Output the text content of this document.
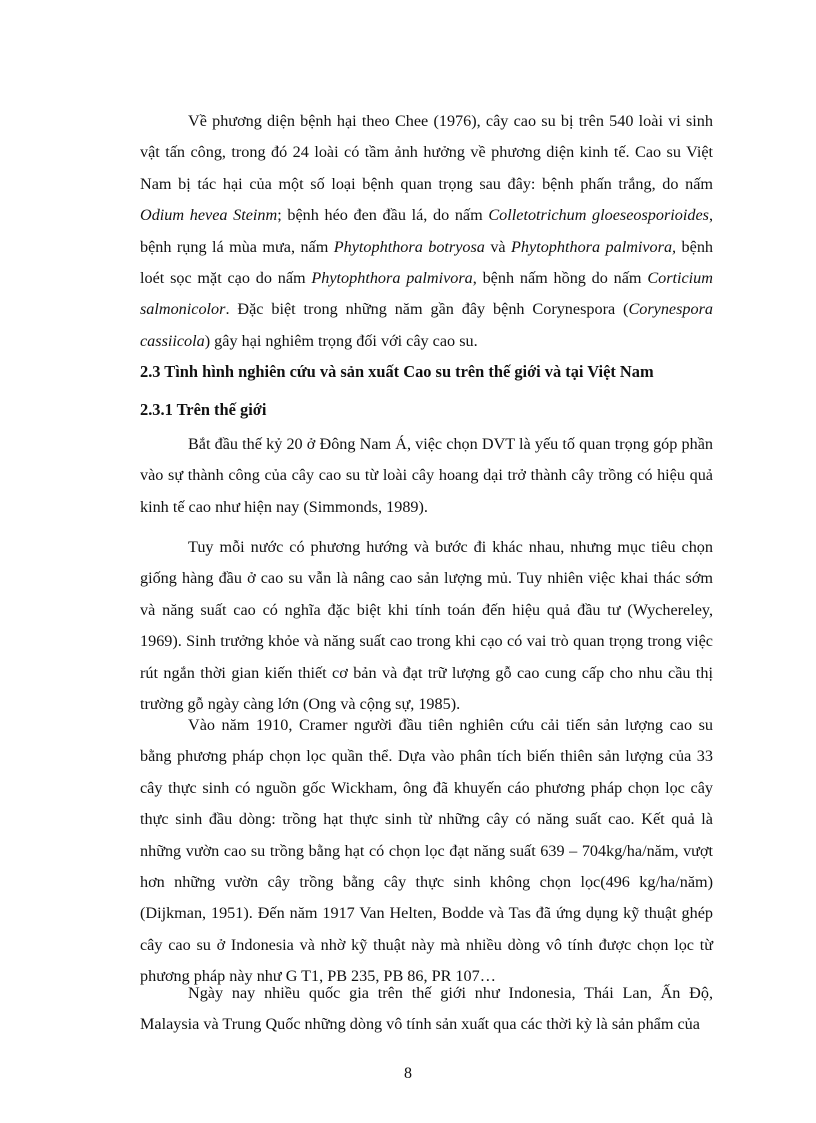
Về phương diện bệnh hại theo Chee (1976), cây cao su bị trên 540 loài vi sinh vật tấn công, trong đó 24 loài có tầm ảnh hưởng về phương diện kinh tế. Cao su Việt Nam bị tác hại của một số loại bệnh quan trọng sau đây: bệnh phấn trắng, do nấm Odium hevea Steinm; bệnh héo đen đầu lá, do nấm Colletotrichum gloeseosporioides, bệnh rụng lá mùa mưa, nấm Phytophthora botryosa và Phytophthora palmivora, bệnh loét sọc mặt cạo do nấm Phytophthora palmivora, bệnh nấm hồng do nấm Corticium salmonicolor. Đặc biệt trong những năm gần đây bệnh Corynespora (Corynespora cassiicola) gây hại nghiêm trọng đối với cây cao su.

2.3 Tình hình nghiên cứu và sản xuất Cao su trên thế giới và tại Việt Nam
2.3.1 Trên thế giới

Bắt đầu thế kỷ 20 ở Đông Nam Á, việc chọn DVT là yếu tố quan trọng góp phần vào sự thành công của cây cao su từ loài cây hoang dại trở thành cây trồng có hiệu quả kinh tế cao như hiện nay (Simmonds, 1989).

Tuy mỗi nước có phương hướng và bước đi khác nhau, nhưng mục tiêu chọn giống hàng đầu ở cao su vẫn là nâng cao sản lượng mủ. Tuy nhiên việc khai thác sớm và năng suất cao có nghĩa đặc biệt khi tính toán đến hiệu quả đầu tư (Wychereley, 1969). Sinh trưởng khỏe và năng suất cao trong khi cạo có vai trò quan trọng trong việc rút ngắn thời gian kiến thiết cơ bản và đạt trữ lượng gỗ cao cung cấp cho nhu cầu thị trường gỗ ngày càng lớn (Ong và cộng sự, 1985).

Vào năm 1910, Cramer người đầu tiên nghiên cứu cải tiến sản lượng cao su bằng phương pháp chọn lọc quần thể. Dựa vào phân tích biến thiên sản lượng của 33 cây thực sinh có nguồn gốc Wickham, ông đã khuyến cáo phương pháp chọn lọc cây thực sinh đầu dòng: trồng hạt thực sinh từ những cây có năng suất cao. Kết quả là những vườn cao su trồng bằng hạt có chọn lọc đạt năng suất 639 – 704kg/ha/năm, vượt hơn những vườn cây trồng bằng cây thực sinh không chọn lọc(496 kg/ha/năm) (Dijkman, 1951). Đến năm 1917 Van Helten, Bodde và Tas đã ứng dụng kỹ thuật ghép cây cao su ở Indonesia và nhờ kỹ thuật này mà nhiều dòng vô tính được chọn lọc từ phương pháp này như G T1, PB 235, PB 86, PR 107…

Ngày nay nhiều quốc gia trên thế giới như Indonesia, Thái Lan, Ấn Độ, Malaysia và Trung Quốc những dòng vô tính sản xuất qua các thời kỳ là sản phẩm của

8
